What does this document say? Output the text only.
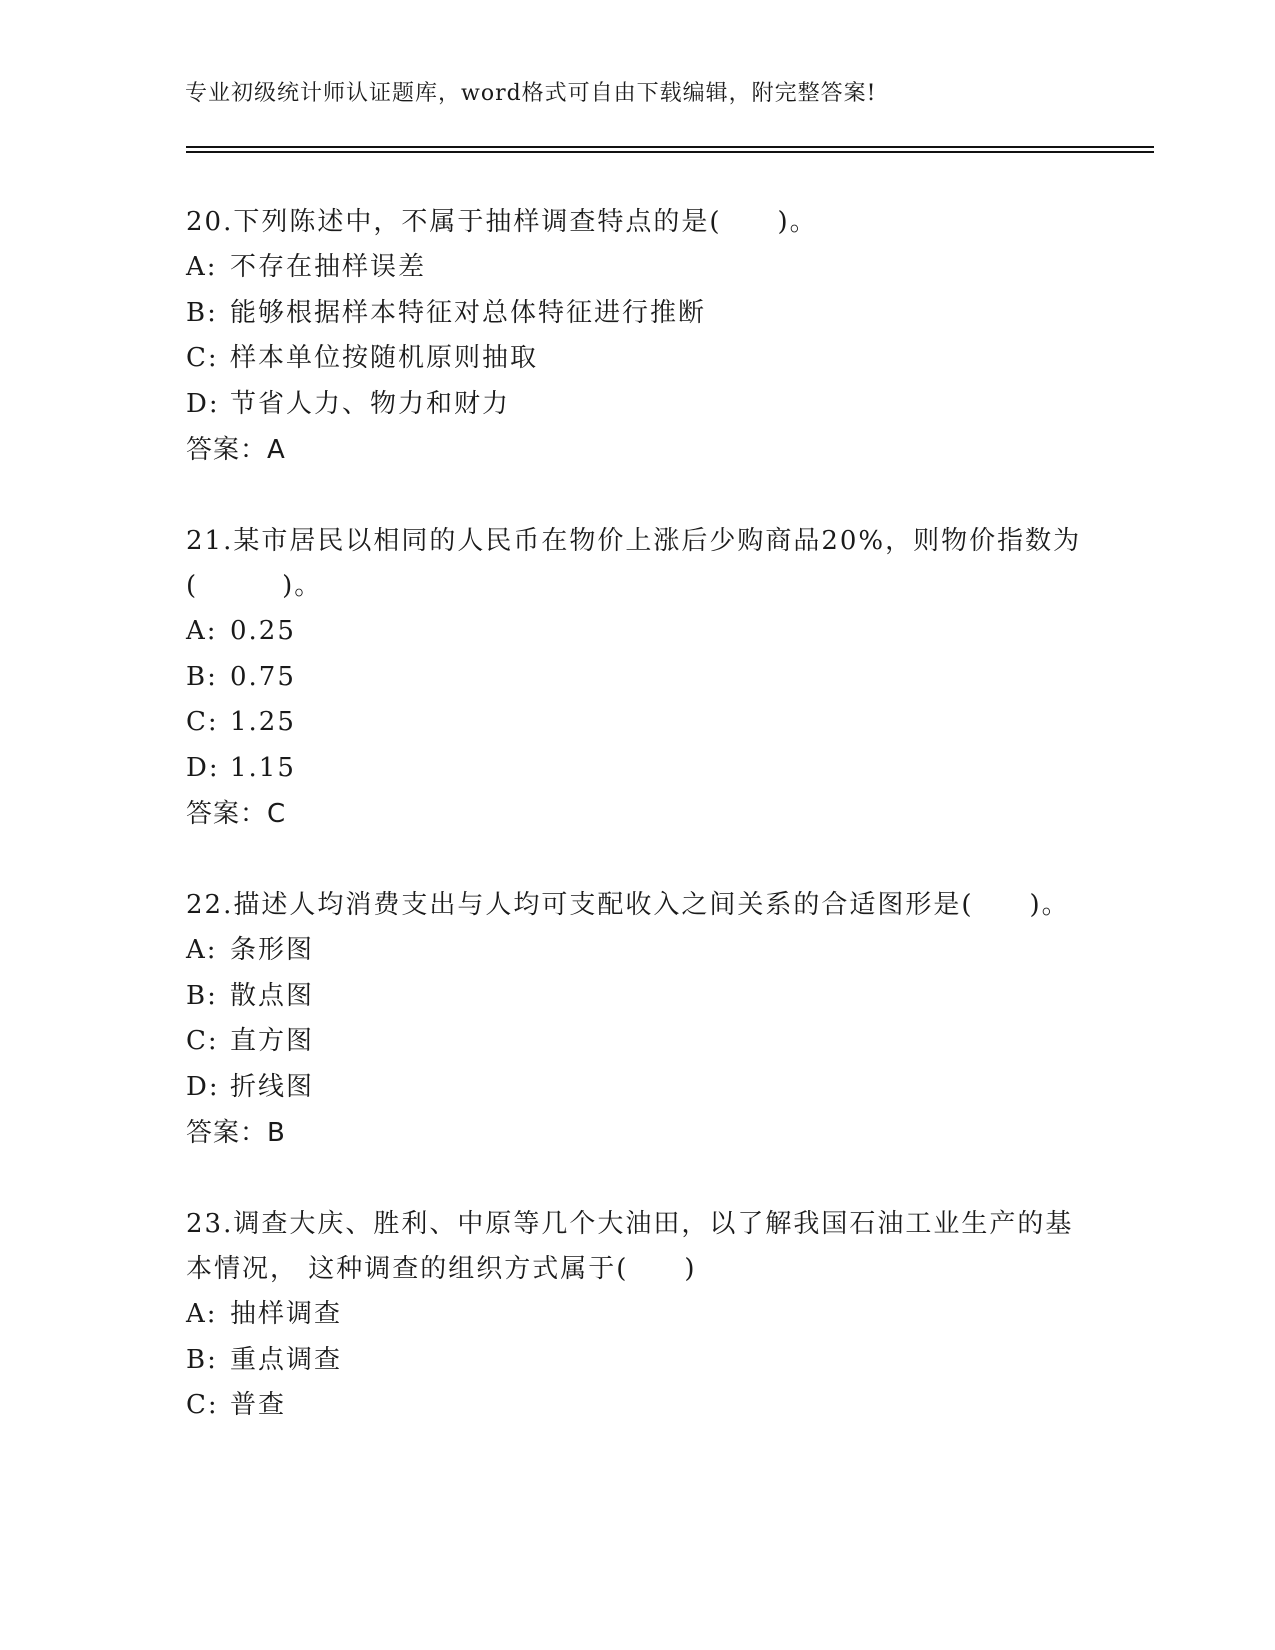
专业初级统计师认证题库，word格式可自由下载编辑，附完整答案!
20.下列陈述中，不属于抽样调查特点的是(　　)。
A: 不存在抽样误差
B: 能够根据样本特征对总体特征进行推断
C: 样本单位按随机原则抽取
D: 节省人力、物力和财力
答案：A
21.某市居民以相同的人民币在物价上涨后少购商品20%，则物价指数为(　　　)。
A: 0.25
B: 0.75
C: 1.25
D: 1.15
答案：C
22.描述人均消费支出与人均可支配收入之间关系的合适图形是(　　)。
A: 条形图
B: 散点图
C: 直方图
D: 折线图
答案：B
23.调查大庆、胜利、中原等几个大油田，以了解我国石油工业生产的基本情况， 这种调查的组织方式属于(　　)
A: 抽样调查
B: 重点调查
C: 普查
